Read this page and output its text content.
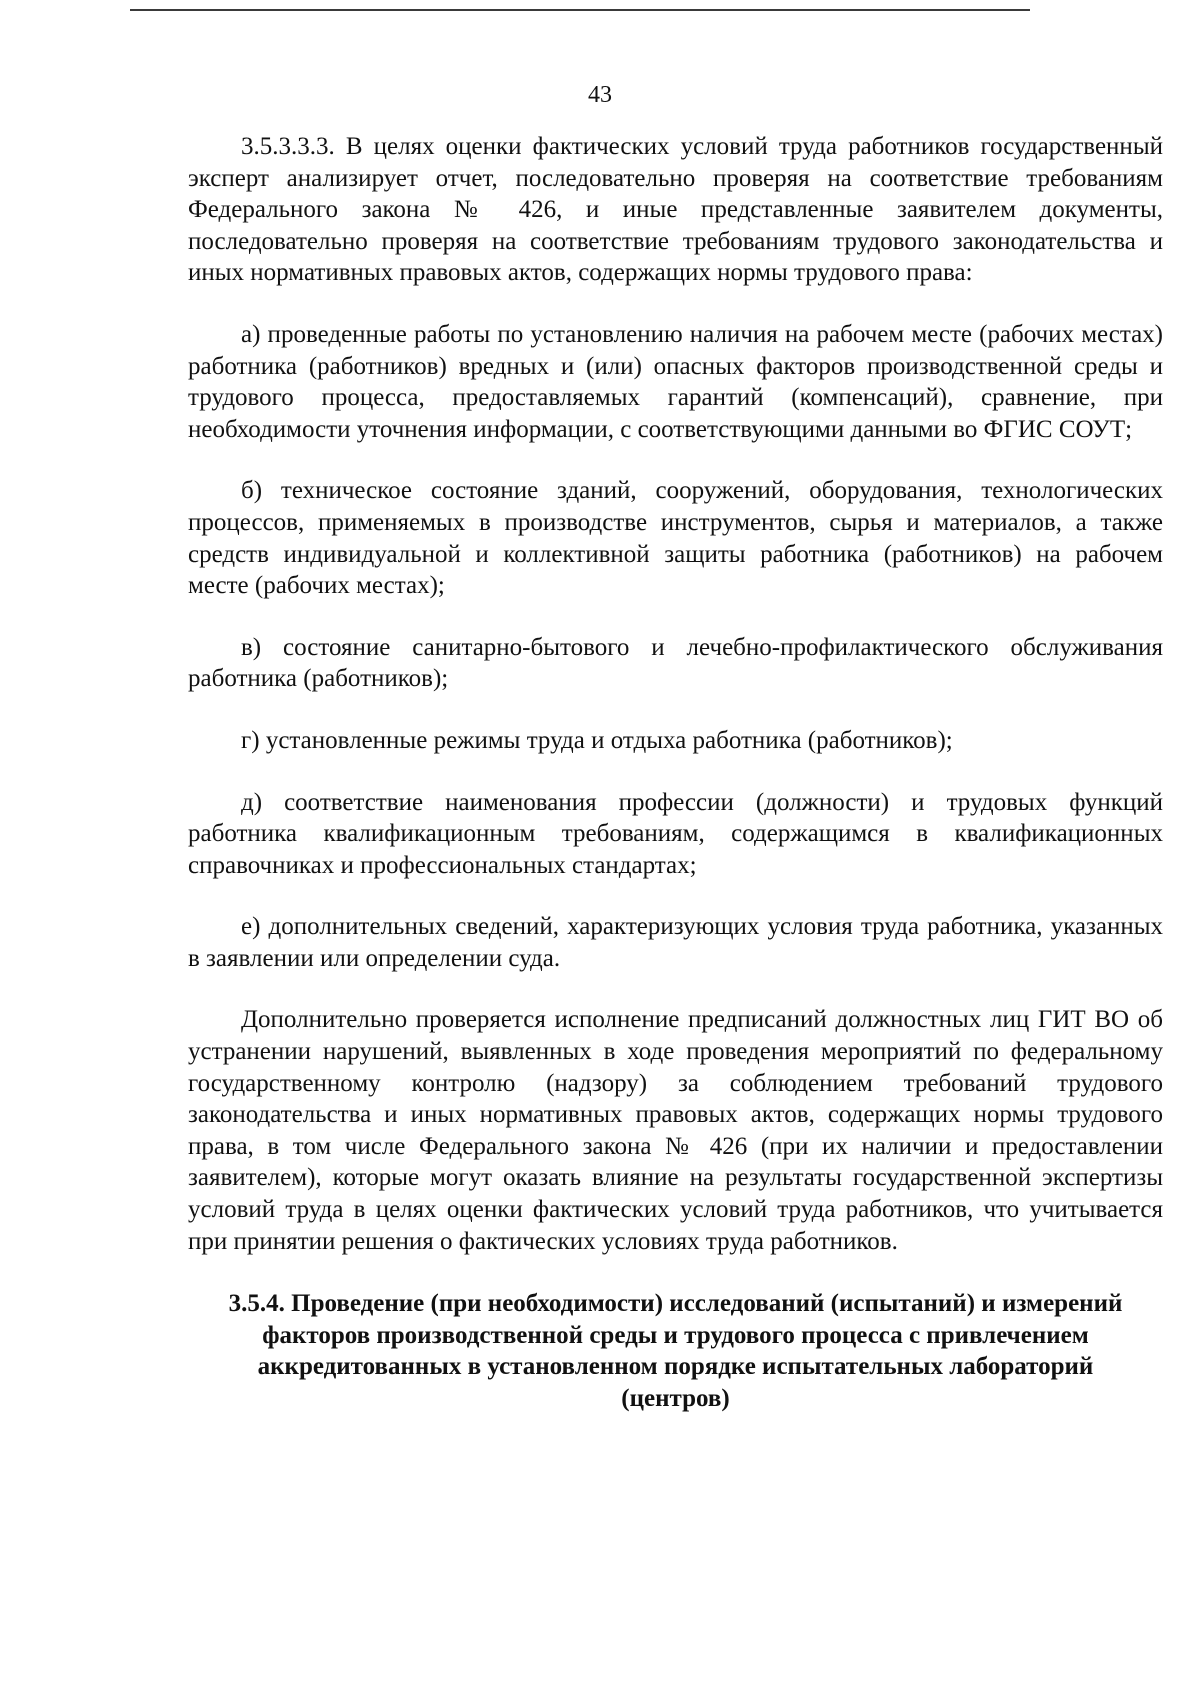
43

3.5.3.3.3. В целях оценки фактических условий труда работников государственный эксперт анализирует отчет, последовательно проверяя на соответствие требованиям Федерального закона № 426, и иные представленные заявителем документы, последовательно проверяя на соответствие требованиям трудового законодательства и иных нормативных правовых актов, содержащих нормы трудового права:

а) проведенные работы по установлению наличия на рабочем месте (рабочих местах) работника (работников) вредных и (или) опасных факторов производственной среды и трудового процесса, предоставляемых гарантий (компенсаций), сравнение, при необходимости уточнения информации, с соответствующими данными во ФГИС СОУТ;

б) техническое состояние зданий, сооружений, оборудования, технологических процессов, применяемых в производстве инструментов, сырья и материалов, а также средств индивидуальной и коллективной защиты работника (работников) на рабочем месте (рабочих местах);

в) состояние санитарно-бытового и лечебно-профилактического обслуживания работника (работников);

г) установленные режимы труда и отдыха работника (работников);

д) соответствие наименования профессии (должности) и трудовых функций работника квалификационным требованиям, содержащимся в квалификационных справочниках и профессиональных стандартах;

е) дополнительных сведений, характеризующих условия труда работника, указанных в заявлении или определении суда.

Дополнительно проверяется исполнение предписаний должностных лиц ГИТ ВО об устранении нарушений, выявленных в ходе проведения мероприятий по федеральному государственному контролю (надзору) за соблюдением требований трудового законодательства и иных нормативных правовых актов, содержащих нормы трудового права, в том числе Федерального закона № 426 (при их наличии и предоставлении заявителем), которые могут оказать влияние на результаты государственной экспертизы условий труда в целях оценки фактических условий труда работников, что учитывается при принятии решения о фактических условиях труда работников.

3.5.4. Проведение (при необходимости) исследований (испытаний) и измерений факторов производственной среды и трудового процесса с привлечением аккредитованных в установленном порядке испытательных лабораторий (центров)
